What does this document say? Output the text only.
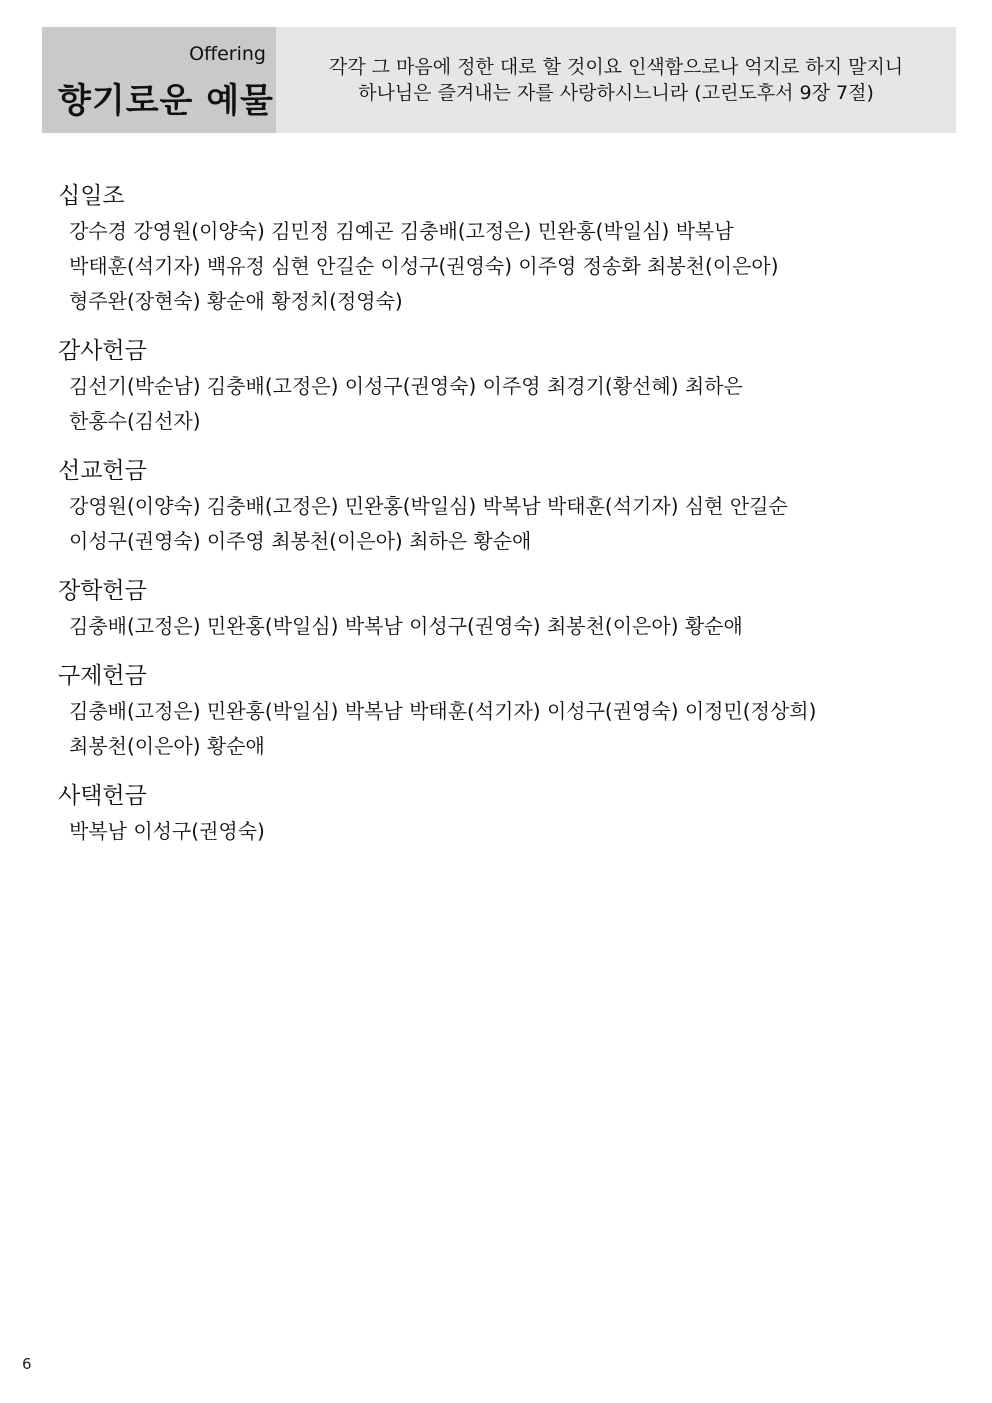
Offering
향기로운 예물
각각 그 마음에 정한 대로 할 것이요 인색함으로나 억지로 하지 말지니
하나님은 즐겨내는 자를 사랑하시느니라 (고린도후서 9장 7절)
십일조
강수경 강영원(이양숙) 김민정 김예곤 김충배(고정은) 민완홍(박일심) 박복남
박태훈(석기자) 백유정 심현 안길순 이성구(권영숙) 이주영 정송화 최봉천(이은아)
형주완(장현숙) 황순애 황정치(정영숙)
감사헌금
김선기(박순남) 김충배(고정은) 이성구(권영숙) 이주영 최경기(황선혜) 최하은
한홍수(김선자)
선교헌금
강영원(이양숙) 김충배(고정은) 민완홍(박일심) 박복남 박태훈(석기자) 심현 안길순
이성구(권영숙) 이주영 최봉천(이은아) 최하은 황순애
장학헌금
김충배(고정은) 민완홍(박일심) 박복남 이성구(권영숙) 최봉천(이은아) 황순애
구제헌금
김충배(고정은) 민완홍(박일심) 박복남 박태훈(석기자) 이성구(권영숙) 이정민(정상희)
최봉천(이은아) 황순애
사택헌금
박복남 이성구(권영숙)
6
